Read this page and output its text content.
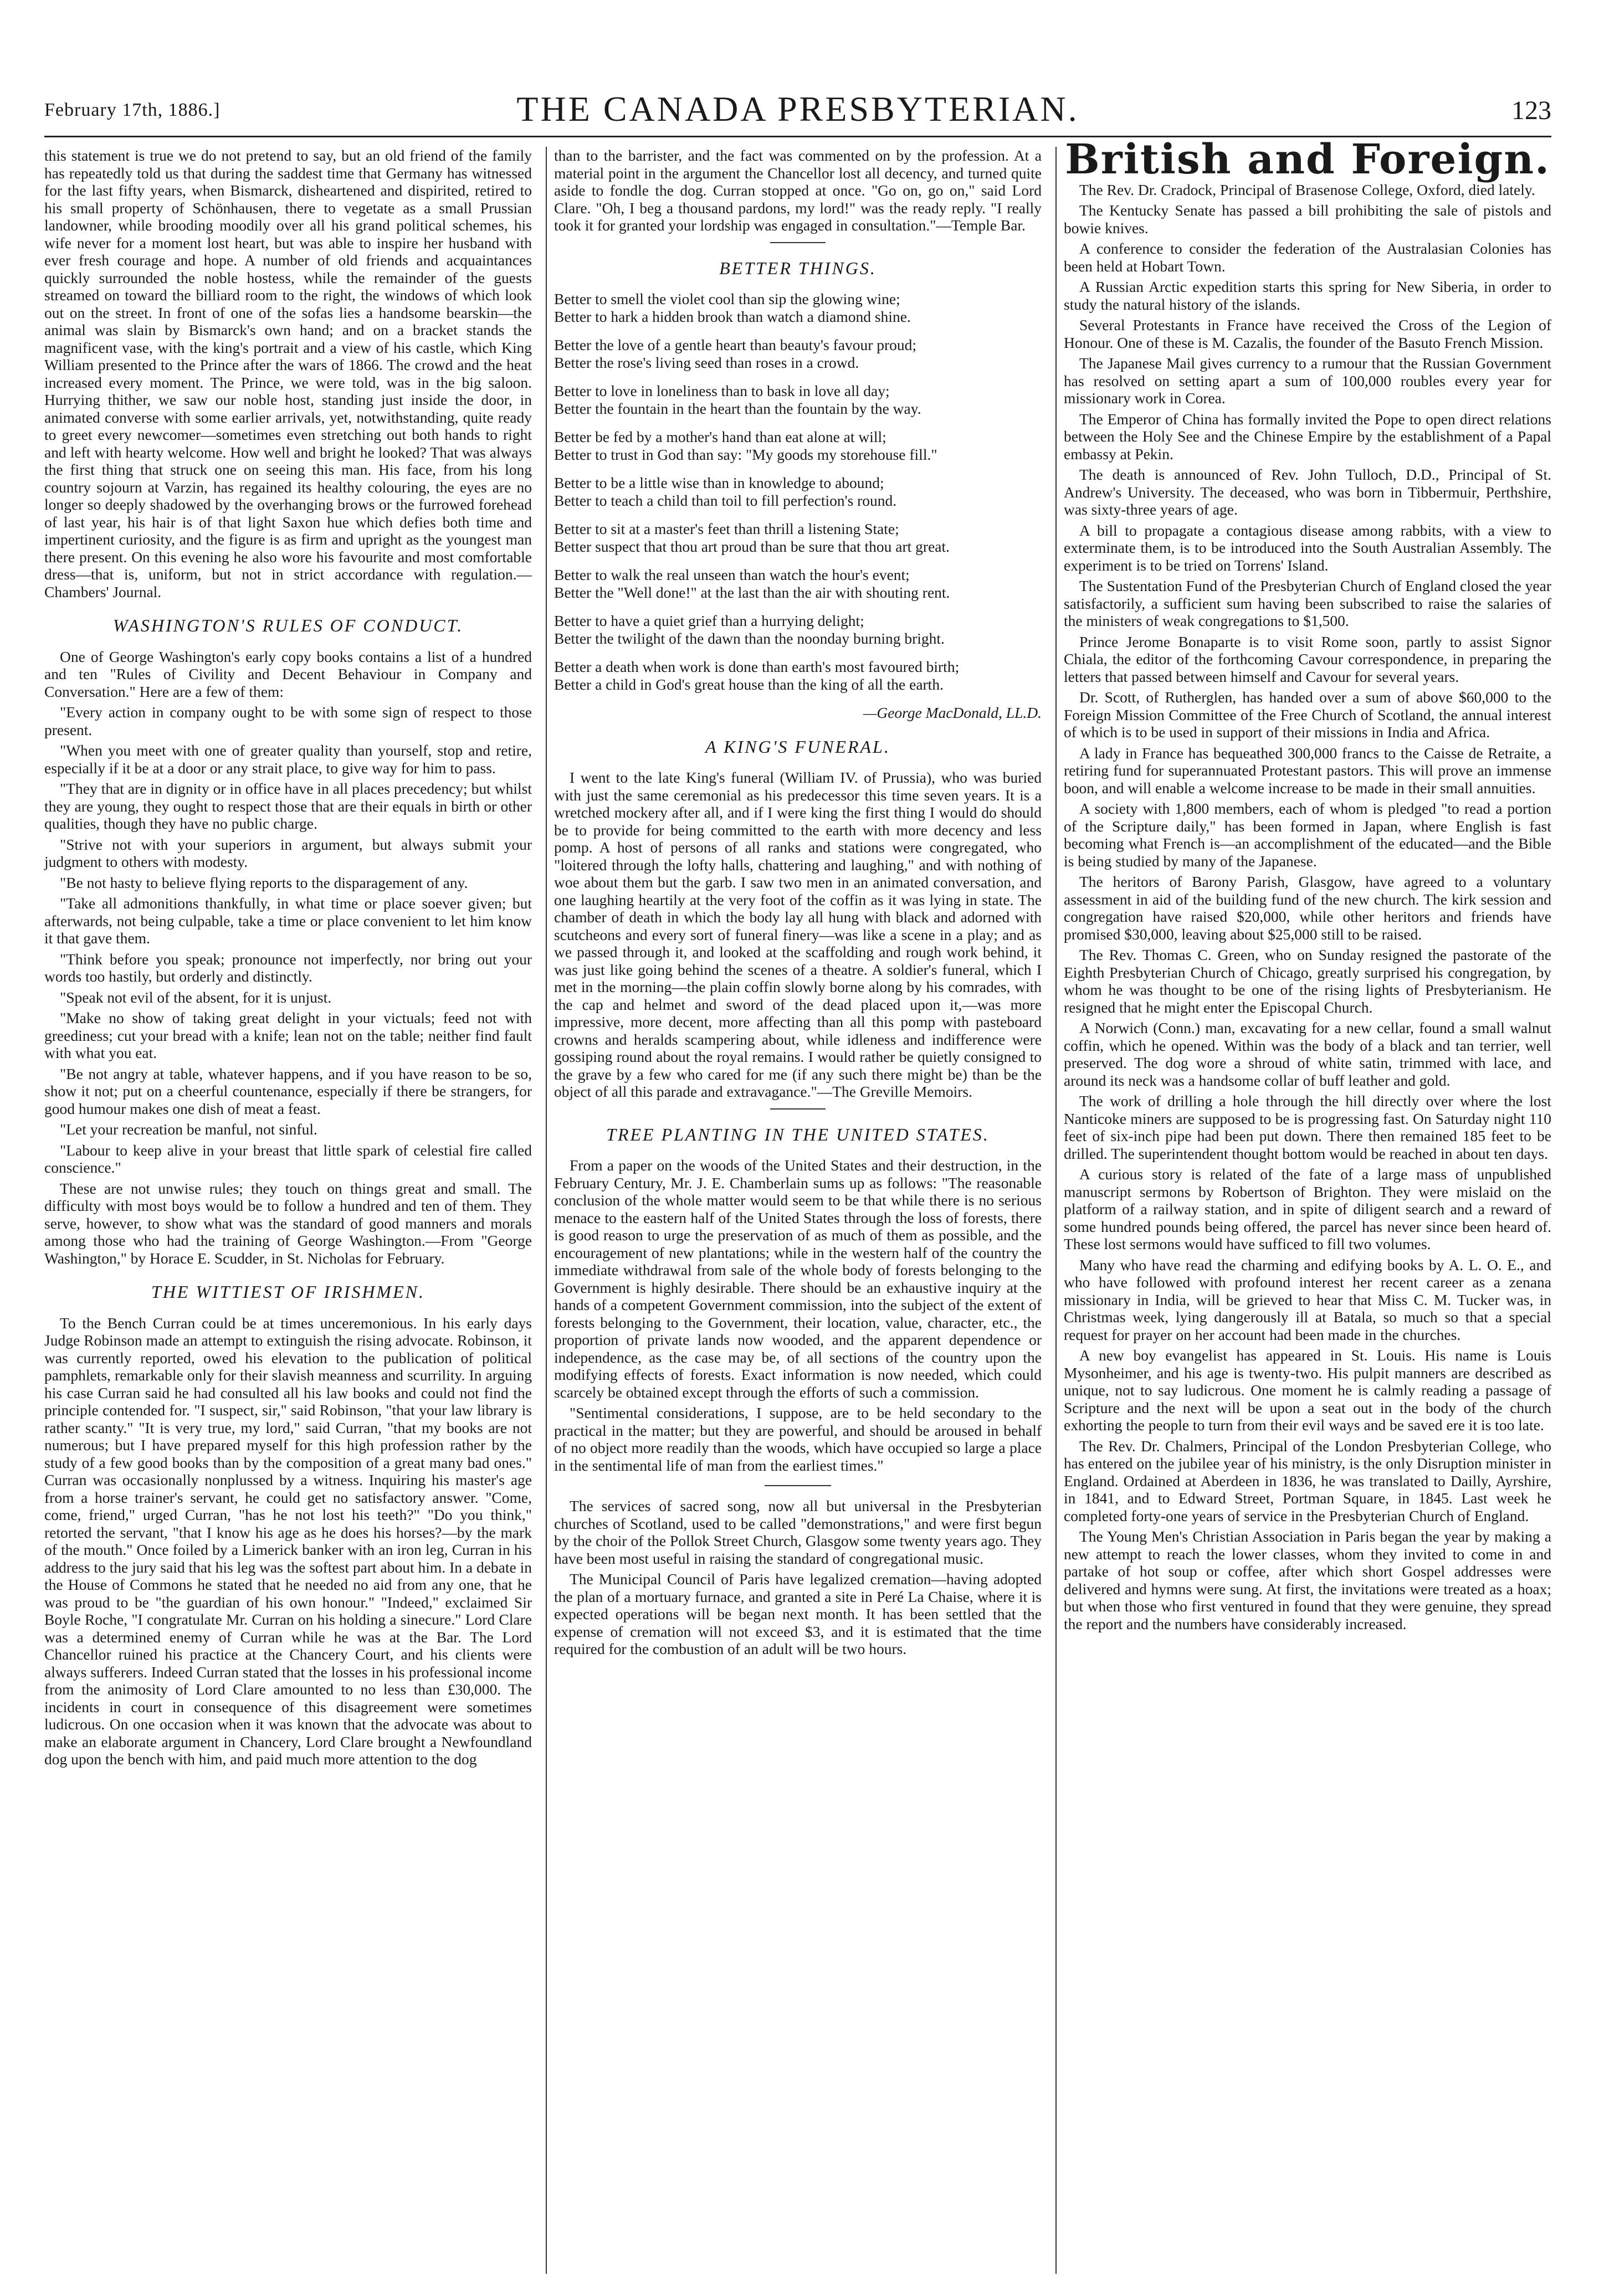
February 17th, 1886.]	THE CANADA PRESBYTERIAN.	123

this statement is true we do not pretend to say, but an old friend of the family has repeatedly told us that during the saddest time that Germany has witnessed for the last fifty years, when Bismarck, disheartened and dispirited, retired to his small property of Schönhausen, there to vegetate as a small Prussian landowner, while brooding moodily over all his grand political schemes, his wife never for a moment lost heart, but was able to inspire her husband with ever fresh courage and hope. A number of old friends and acquaintances quickly surrounded the noble hostess, while the remainder of the guests streamed on toward the billiard room to the right, the windows of which look out on the street. In front of one of the sofas lies a handsome bearskin—the animal was slain by Bismarck's own hand; and on a bracket stands the magnificent vase, with the king's portrait and a view of his castle, which King William presented to the Prince after the wars of 1866. The crowd and the heat increased every moment. The Prince, we were told, was in the big saloon. Hurrying thither, we saw our noble host, standing just inside the door, in animated converse with some earlier arrivals, yet, notwithstanding, quite ready to greet every newcomer—sometimes even stretching out both hands to right and left with hearty welcome. How well and bright he looked? That was always the first thing that struck one on seeing this man. His face, from his long country sojourn at Varzin, has regained its healthy colouring, the eyes are no longer so deeply shadowed by the overhanging brows or the furrowed forehead of last year, his hair is of that light Saxon hue which defies both time and impertinent curiosity, and the figure is as firm and upright as the youngest man there present. On this evening he also wore his favourite and most comfortable dress—that is, uniform, but not in strict accordance with regulation.—Chambers' Journal.

WASHINGTON'S RULES OF CONDUCT.

One of George Washington's early copy books contains a list of a hundred and ten "Rules of Civility and Decent Behaviour in Company and Conversation." Here are a few of them:

"Every action in company ought to be with some sign of respect to those present.

"When you meet with one of greater quality than yourself, stop and retire, especially if it be at a door or any strait place, to give way for him to pass.

"They that are in dignity or in office have in all places precedency; but whilst they are young, they ought to respect those that are their equals in birth or other qualities, though they have no public charge.

"Strive not with your superiors in argument, but always submit your judgment to others with modesty.

"Be not hasty to believe flying reports to the disparagement of any.

"Take all admonitions thankfully, in what time or place soever given; but afterwards, not being culpable, take a time or place convenient to let him know it that gave them.

"Think before you speak; pronounce not imperfectly, nor bring out your words too hastily, but orderly and distinctly.

"Speak not evil of the absent, for it is unjust.

"Make no show of taking great delight in your victuals; feed not with greediness; cut your bread with a knife; lean not on the table; neither find fault with what you eat.

"Be not angry at table, whatever happens, and if you have reason to be so, show it not; put on a cheerful countenance, especially if there be strangers, for good humour makes one dish of meat a feast.

"Let your recreation be manful, not sinful.

"Labour to keep alive in your breast that little spark of celestial fire called conscience."

These are not unwise rules; they touch on things great and small. The difficulty with most boys would be to follow a hundred and ten of them. They serve, however, to show what was the standard of good manners and morals among those who had the training of George Washington.—From "George Washington," by Horace E. Scudder, in St. Nicholas for February.

THE WITTIEST OF IRISHMEN.

To the Bench Curran could be at times unceremonious. In his early days Judge Robinson made an attempt to extinguish the rising advocate. Robinson, it was currently reported, owed his elevation to the publication of political pamphlets, remarkable only for their slavish meanness and scurrility. In arguing his case Curran said he had consulted all his law books and could not find the principle contended for. "I suspect, sir," said Robinson, "that your law library is rather scanty." "It is very true, my lord," said Curran, "that my books are not numerous; but I have prepared myself for this high profession rather by the study of a few good books than by the composition of a great many bad ones." Curran was occasionally nonplussed by a witness. Inquiring his master's age from a horse trainer's servant, he could get no satisfactory answer. "Come, come, friend," urged Curran, "has he not lost his teeth?" "Do you think," retorted the servant, "that I know his age as he does his horses?—by the mark of the mouth." Once foiled by a Limerick banker with an iron leg, Curran in his address to the jury said that his leg was the softest part about him. In a debate in the House of Commons he stated that he needed no aid from any one, that he was proud to be "the guardian of his own honour." "Indeed," exclaimed Sir Boyle Roche, "I congratulate Mr. Curran on his holding a sinecure." Lord Clare was a determined enemy of Curran while he was at the Bar. The Lord Chancellor ruined his practice at the Chancery Court, and his clients were always sufferers. Indeed Curran stated that the losses in his professional income from the animosity of Lord Clare amounted to no less than £30,000. The incidents in court in consequence of this disagreement were sometimes ludicrous. On one occasion when it was known that the advocate was about to make an elaborate argument in Chancery, Lord Clare brought a Newfoundland dog upon the bench with him, and paid much more attention to the dog

than to the barrister, and the fact was commented on by the profession. At a material point in the argument the Chancellor lost all decency, and turned quite aside to fondle the dog. Curran stopped at once. "Go on, go on," said Lord Clare. "Oh, I beg a thousand pardons, my lord!" was the ready reply. "I really took it for granted your lordship was engaged in consultation."—Temple Bar.

BETTER THINGS.

Better to smell the violet cool than sip the glowing wine;

Better to hark a hidden brook than watch a diamond shine.

Better the love of a gentle heart than beauty's favour proud;

Better the rose's living seed than roses in a crowd.

Better to love in loneliness than to bask in love all day;

Better the fountain in the heart than the fountain by the way.

Better be fed by a mother's hand than eat alone at will;

Better to trust in God than say: "My goods my storehouse fill."

Better to be a little wise than in knowledge to abound;

Better to teach a child than toil to fill perfection's round.

Better to sit at a master's feet than thrill a listening State;

Better suspect that thou art proud than be sure that thou art great.

Better to walk the real unseen than watch the hour's event;

Better the "Well done!" at the last than the air with shouting rent.

Better to have a quiet grief than a hurrying delight;

Better the twilight of the dawn than the noonday burning bright.

Better a death when work is done than earth's most favoured birth;

Better a child in God's great house than the king of all the earth.

—George MacDonald, LL.D.
A KING'S FUNERAL.

I went to the late King's funeral (William IV. of Prussia), who was buried with just the same ceremonial as his predecessor this time seven years. It is a wretched mockery after all, and if I were king the first thing I would do should be to provide for being committed to the earth with more decency and less pomp. A host of persons of all ranks and stations were congregated, who "loitered through the lofty halls, chattering and laughing," and with nothing of woe about them but the garb. I saw two men in an animated conversation, and one laughing heartily at the very foot of the coffin as it was lying in state. The chamber of death in which the body lay all hung with black and adorned with scutcheons and every sort of funeral finery—was like a scene in a play; and as we passed through it, and looked at the scaffolding and rough work behind, it was just like going behind the scenes of a theatre. A soldier's funeral, which I met in the morning—the plain coffin slowly borne along by his comrades, with the cap and helmet and sword of the dead placed upon it,—was more impressive, more decent, more affecting than all this pomp with pasteboard crowns and heralds scampering about, while idleness and indifference were gossiping round about the royal remains. I would rather be quietly consigned to the grave by a few who cared for me (if any such there might be) than be the object of all this parade and extravagance."—The Greville Memoirs.

TREE PLANTING IN THE UNITED STATES.

From a paper on the woods of the United States and their destruction, in the February Century, Mr. J. E. Chamberlain sums up as follows: "The reasonable conclusion of the whole matter would seem to be that while there is no serious menace to the eastern half of the United States through the loss of forests, there is good reason to urge the preservation of as much of them as possible, and the encouragement of new plantations; while in the western half of the country the immediate withdrawal from sale of the whole body of forests belonging to the Government is highly desirable. There should be an exhaustive inquiry at the hands of a competent Government commission, into the subject of the extent of forests belonging to the Government, their location, value, character, etc., the proportion of private lands now wooded, and the apparent dependence or independence, as the case may be, of all sections of the country upon the modifying effects of forests. Exact information is now needed, which could scarcely be obtained except through the efforts of such a commission.

"Sentimental considerations, I suppose, are to be held secondary to the practical in the matter; but they are powerful, and should be aroused in behalf of no object more readily than the woods, which have occupied so large a place in the sentimental life of man from the earliest times."

The services of sacred song, now all but universal in the Presbyterian churches of Scotland, used to be called "demonstrations," and were first begun by the choir of the Pollok Street Church, Glasgow some twenty years ago. They have been most useful in raising the standard of congregational music.

The Municipal Council of Paris have legalized cremation—having adopted the plan of a mortuary furnace, and granted a site in Peré La Chaise, where it is expected operations will be began next month. It has been settled that the expense of cremation will not exceed $3, and it is estimated that the time required for the combustion of an adult will be two hours.

British and Foreign.

The Rev. Dr. Cradock, Principal of Brasenose College, Oxford, died lately.

The Kentucky Senate has passed a bill prohibiting the sale of pistols and bowie knives.

A conference to consider the federation of the Australasian Colonies has been held at Hobart Town.

A Russian Arctic expedition starts this spring for New Siberia, in order to study the natural history of the islands.

Several Protestants in France have received the Cross of the Legion of Honour. One of these is M. Cazalis, the founder of the Basuto French Mission.

The Japanese Mail gives currency to a rumour that the Russian Government has resolved on setting apart a sum of 100,000 roubles every year for missionary work in Corea.

The Emperor of China has formally invited the Pope to open direct relations between the Holy See and the Chinese Empire by the establishment of a Papal embassy at Pekin.

The death is announced of Rev. John Tulloch, D.D., Principal of St. Andrew's University. The deceased, who was born in Tibbermuir, Perthshire, was sixty-three years of age.

A bill to propagate a contagious disease among rabbits, with a view to exterminate them, is to be introduced into the South Australian Assembly. The experiment is to be tried on Torrens' Island.

The Sustentation Fund of the Presbyterian Church of England closed the year satisfactorily, a sufficient sum having been subscribed to raise the salaries of the ministers of weak congregations to $1,500.

Prince Jerome Bonaparte is to visit Rome soon, partly to assist Signor Chiala, the editor of the forthcoming Cavour correspondence, in preparing the letters that passed between himself and Cavour for several years.

Dr. Scott, of Rutherglen, has handed over a sum of above $60,000 to the Foreign Mission Committee of the Free Church of Scotland, the annual interest of which is to be used in support of their missions in India and Africa.

A lady in France has bequeathed 300,000 francs to the Caisse de Retraite, a retiring fund for superannuated Protestant pastors. This will prove an immense boon, and will enable a welcome increase to be made in their small annuities.

A society with 1,800 members, each of whom is pledged "to read a portion of the Scripture daily," has been formed in Japan, where English is fast becoming what French is—an accomplishment of the educated—and the Bible is being studied by many of the Japanese.

The heritors of Barony Parish, Glasgow, have agreed to a voluntary assessment in aid of the building fund of the new church. The kirk session and congregation have raised $20,000, while other heritors and friends have promised $30,000, leaving about $25,000 still to be raised.

The Rev. Thomas C. Green, who on Sunday resigned the pastorate of the Eighth Presbyterian Church of Chicago, greatly surprised his congregation, by whom he was thought to be one of the rising lights of Presbyterianism. He resigned that he might enter the Episcopal Church.

A Norwich (Conn.) man, excavating for a new cellar, found a small walnut coffin, which he opened. Within was the body of a black and tan terrier, well preserved. The dog wore a shroud of white satin, trimmed with lace, and around its neck was a handsome collar of buff leather and gold.

The work of drilling a hole through the hill directly over where the lost Nanticoke miners are supposed to be is progressing fast. On Saturday night 110 feet of six-inch pipe had been put down. There then remained 185 feet to be drilled. The superintendent thought bottom would be reached in about ten days.

A curious story is related of the fate of a large mass of unpublished manuscript sermons by Robertson of Brighton. They were mislaid on the platform of a railway station, and in spite of diligent search and a reward of some hundred pounds being offered, the parcel has never since been heard of. These lost sermons would have sufficed to fill two volumes.

Many who have read the charming and edifying books by A. L. O. E., and who have followed with profound interest her recent career as a zenana missionary in India, will be grieved to hear that Miss C. M. Tucker was, in Christmas week, lying dangerously ill at Batala, so much so that a special request for prayer on her account had been made in the churches.

A new boy evangelist has appeared in St. Louis. His name is Louis Mysonheimer, and his age is twenty-two. His pulpit manners are described as unique, not to say ludicrous. One moment he is calmly reading a passage of Scripture and the next will be upon a seat out in the body of the church exhorting the people to turn from their evil ways and be saved ere it is too late.

The Rev. Dr. Chalmers, Principal of the London Presbyterian College, who has entered on the jubilee year of his ministry, is the only Disruption minister in England. Ordained at Aberdeen in 1836, he was translated to Dailly, Ayrshire, in 1841, and to Edward Street, Portman Square, in 1845. Last week he completed forty-one years of service in the Presbyterian Church of England.

The Young Men's Christian Association in Paris began the year by making a new attempt to reach the lower classes, whom they invited to come in and partake of hot soup or coffee, after which short Gospel addresses were delivered and hymns were sung. At first, the invitations were treated as a hoax; but when those who first ventured in found that they were genuine, they spread the report and the numbers have considerably increased.
